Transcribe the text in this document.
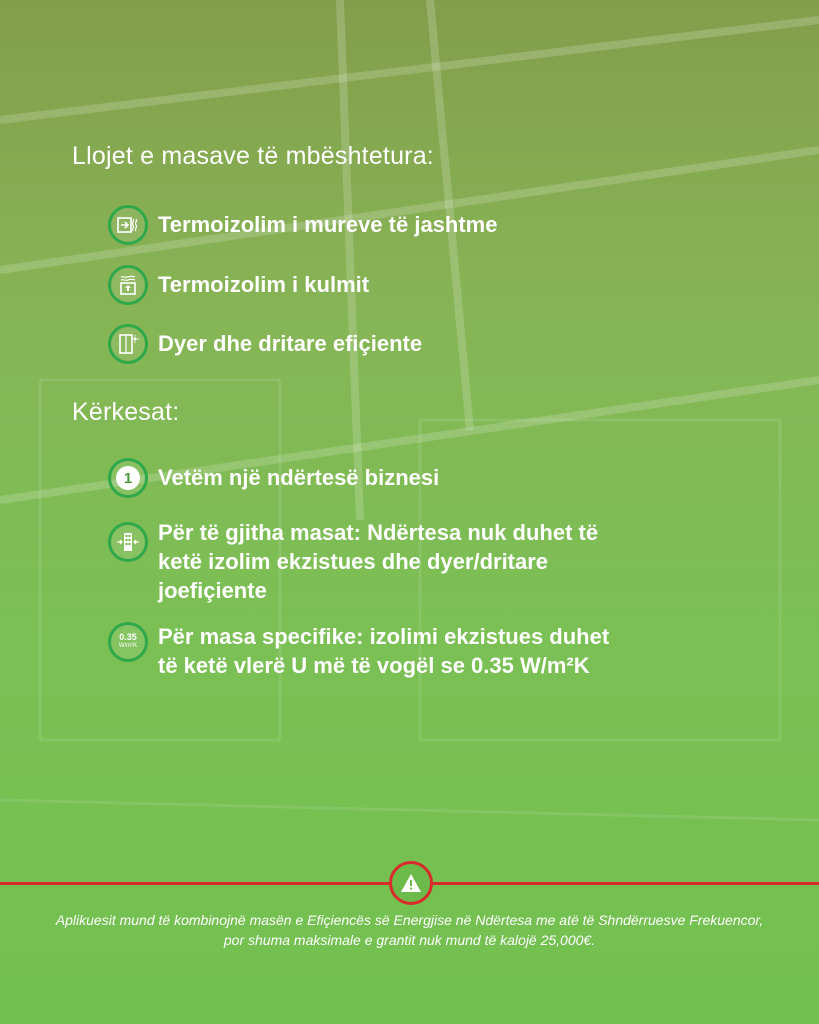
Llojet e masave të mbështetura:
Termoizolim i mureve të jashtme
Termoizolim i kulmit
Dyer dhe dritare efiçiente
Kërkesat:
1	Vetëm një ndërtesë biznesi
Për të gjitha masat: Ndërtesa nuk duhet të ketë izolim ekzistues dhe dyer/dritare joefiçiente
0.35
W/m²K Për masa specifike: izolimi ekzistues duhet të ketë vlerë U më të vogël se 0.35 W/m²K
Aplikuesit mund të kombinojnë masën e Efiçiencës së Energjise në Ndërtesa me atë të Shndërruesve Frekuencor, por shuma maksimale e grantit nuk mund të kalojë 25,000€.
